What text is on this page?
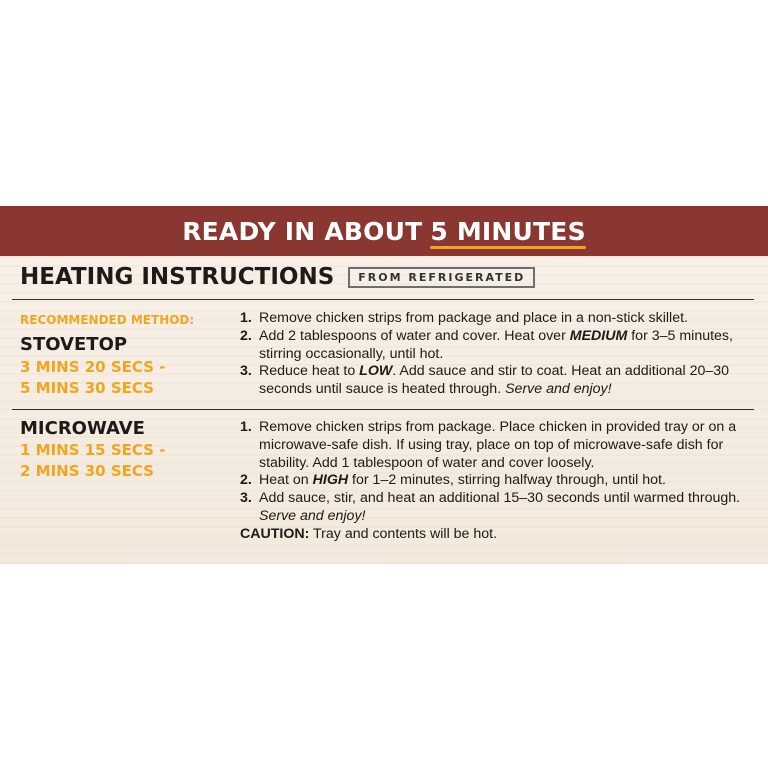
READY IN ABOUT 5 MINUTES
HEATING INSTRUCTIONS	FROM REFRIGERATED
RECOMMENDED METHOD:
STOVETOP
3 MINS 20 SECS -
5 MINS 30 SECS
1. Remove chicken strips from package and place in a non-stick skillet.
2. Add 2 tablespoons of water and cover. Heat over MEDIUM for 3–5 minutes, stirring occasionally, until hot.
3. Reduce heat to LOW. Add sauce and stir to coat. Heat an additional 20–30 seconds until sauce is heated through. Serve and enjoy!
MICROWAVE
1 MINS 15 SECS -
2 MINS 30 SECS
1. Remove chicken strips from package. Place chicken in provided tray or on a microwave-safe dish. If using tray, place on top of microwave-safe dish for stability. Add 1 tablespoon of water and cover loosely.
2. Heat on HIGH for 1–2 minutes, stirring halfway through, until hot.
3. Add sauce, stir, and heat an additional 15–30 seconds until warmed through. Serve and enjoy!
CAUTION: Tray and contents will be hot.
